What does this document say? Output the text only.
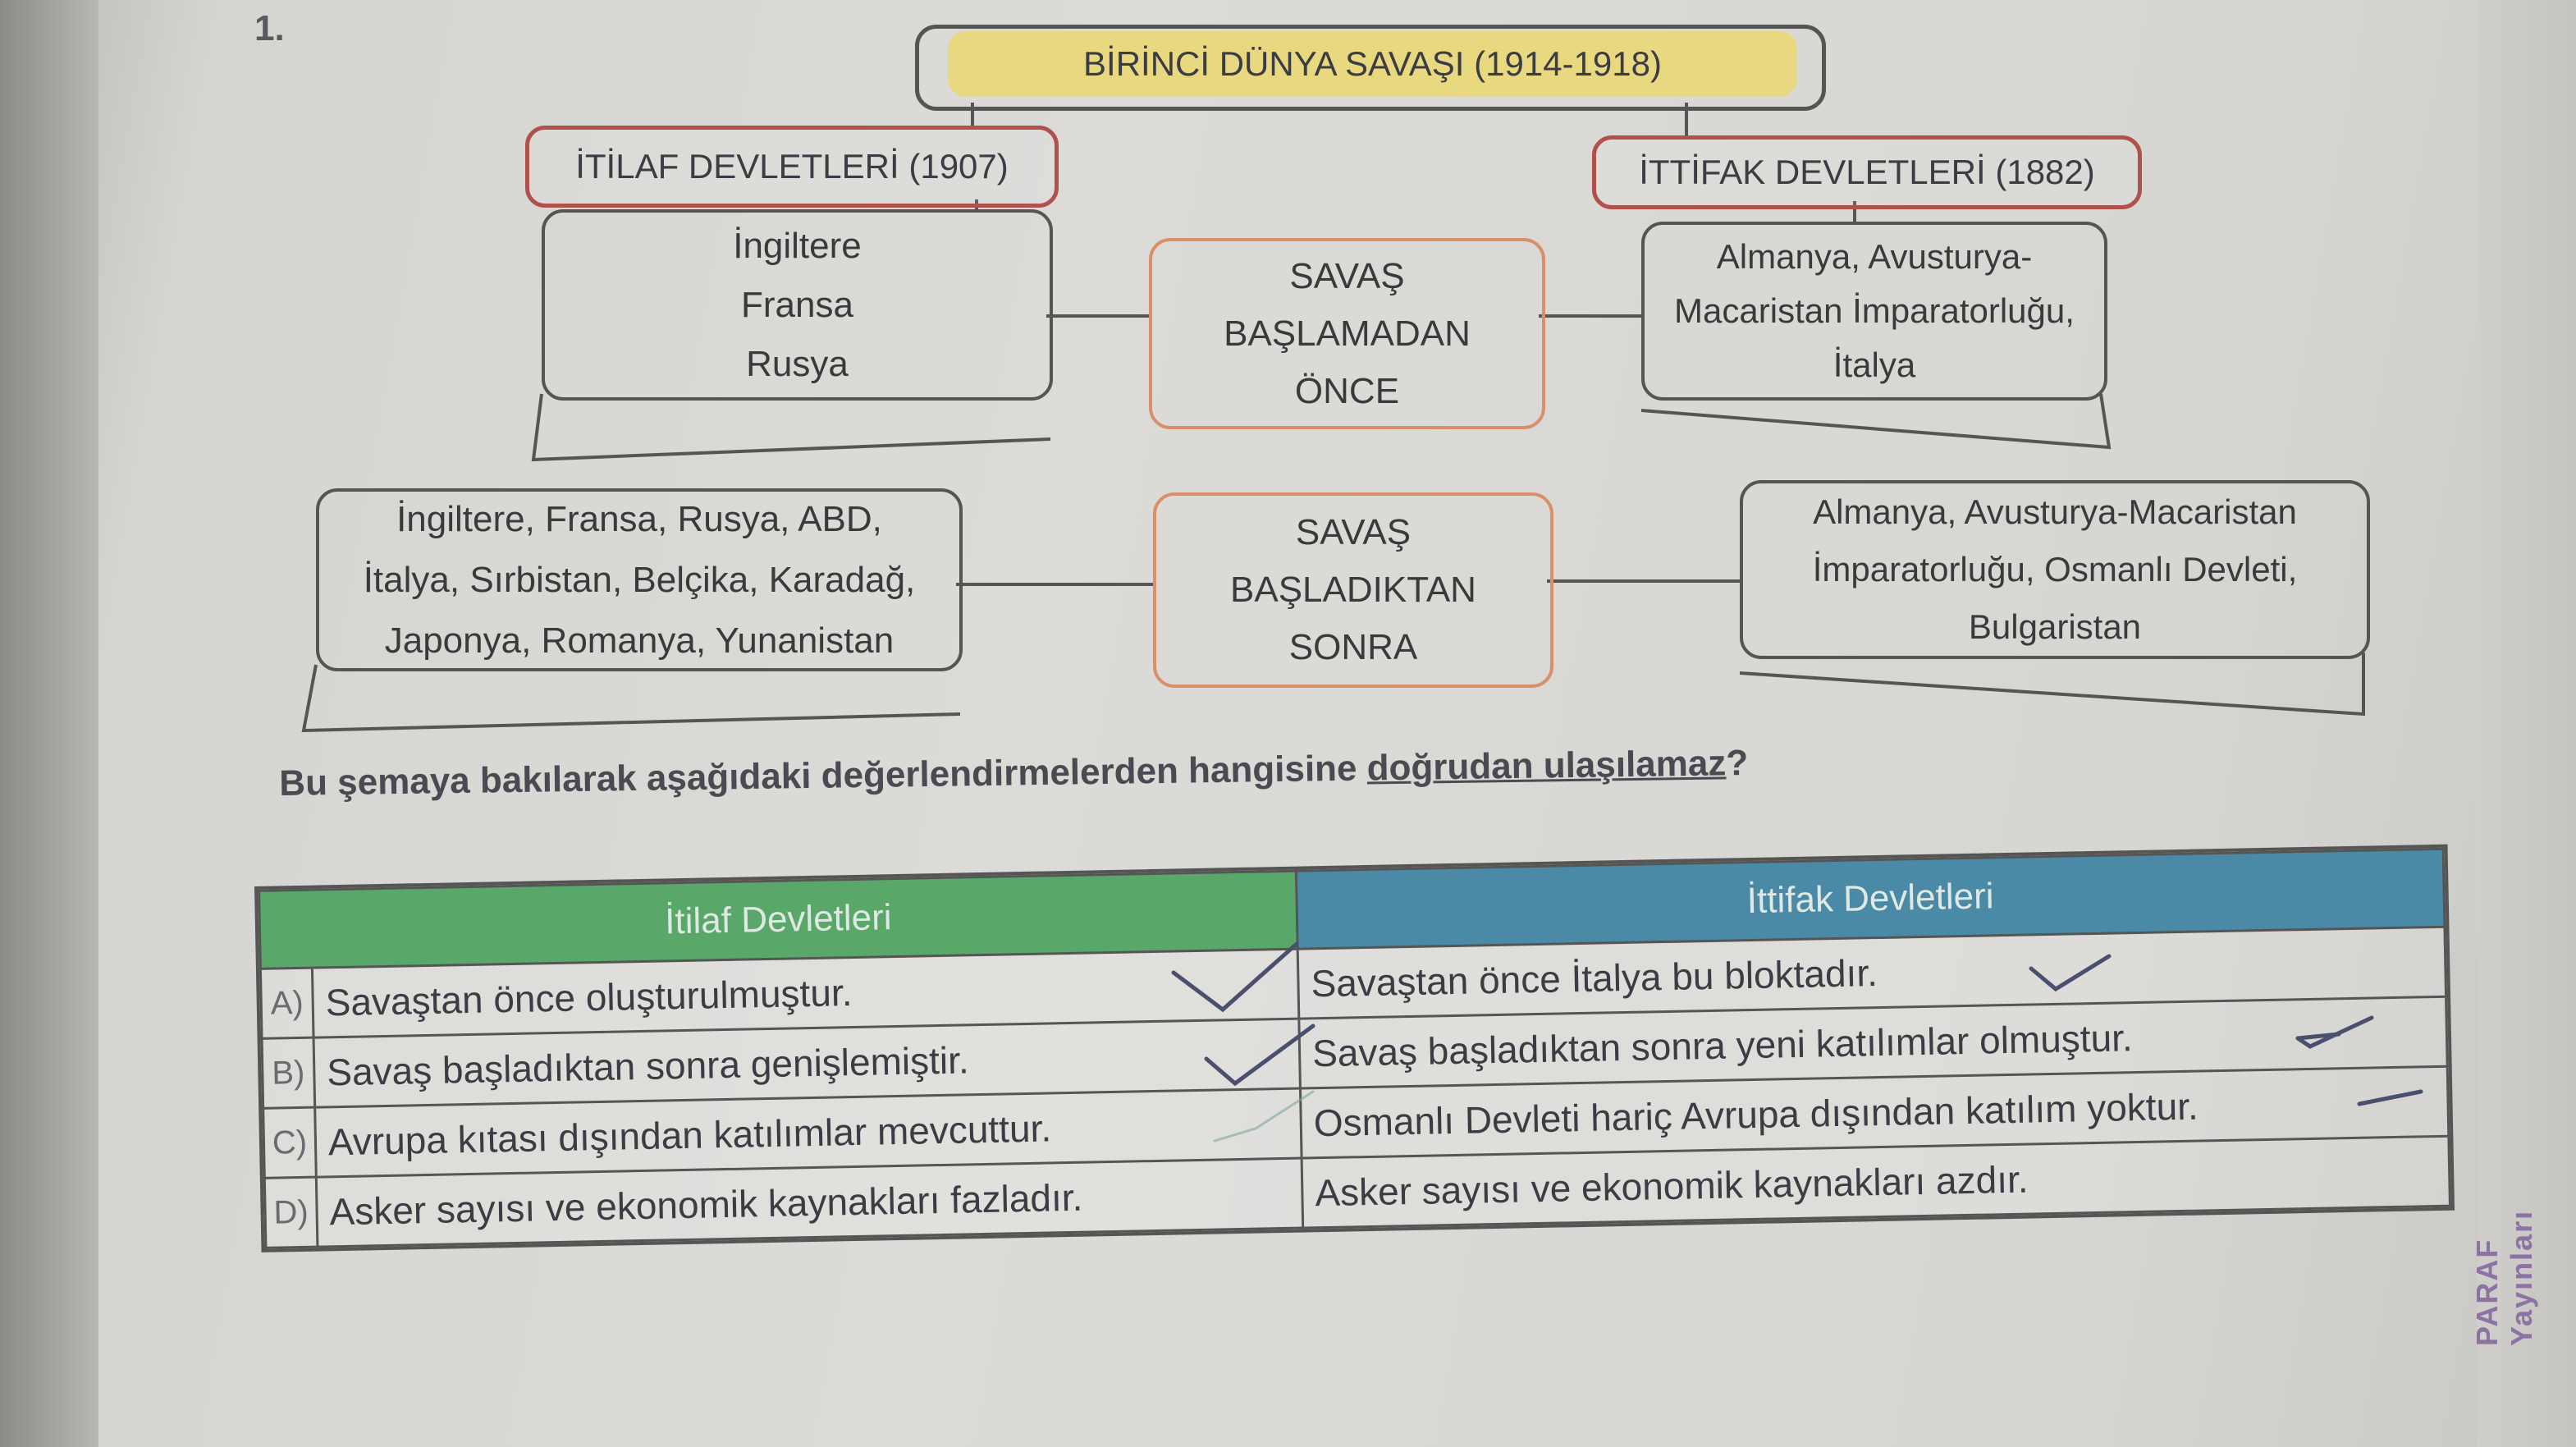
1.
BİRİNCİ DÜNYA SAVAŞI (1914-1918)
İTİLAF DEVLETLERİ (1907)	İTTİFAK DEVLETLERİ (1882)
İngiltere
Fransa
Rusya
SAVAŞ
BAŞLAMADAN
ÖNCE
Almanya, Avusturya-
Macaristan İmparatorluğu,
İtalya
İngiltere, Fransa, Rusya, ABD,
İtalya, Sırbistan, Belçika, Karadağ,
Japonya, Romanya, Yunanistan
SAVAŞ
BAŞLADIKTAN
SONRA
Almanya, Avusturya-Macaristan
İmparatorluğu, Osmanlı Devleti,
Bulgaristan
Bu şemaya bakılarak aşağıdaki değerlendirmelerden hangisine doğrudan ulaşılamaz?
İtilaf Devletleri		İttifak Devletleri
A)	Savaştan önce oluşturulmuştur.	Savaştan önce İtalya bu bloktadır.
B)	Savaş başladıktan sonra genişlemiştir.	Savaş başladıktan sonra yeni katılımlar olmuştur.
C)	Avrupa kıtası dışından katılımlar mevcuttur.	Osmanlı Devleti hariç Avrupa dışından katılım yoktur.
D)	Asker sayısı ve ekonomik kaynakları fazladır.	Asker sayısı ve ekonomik kaynakları azdır.
PARAF Yayınları
